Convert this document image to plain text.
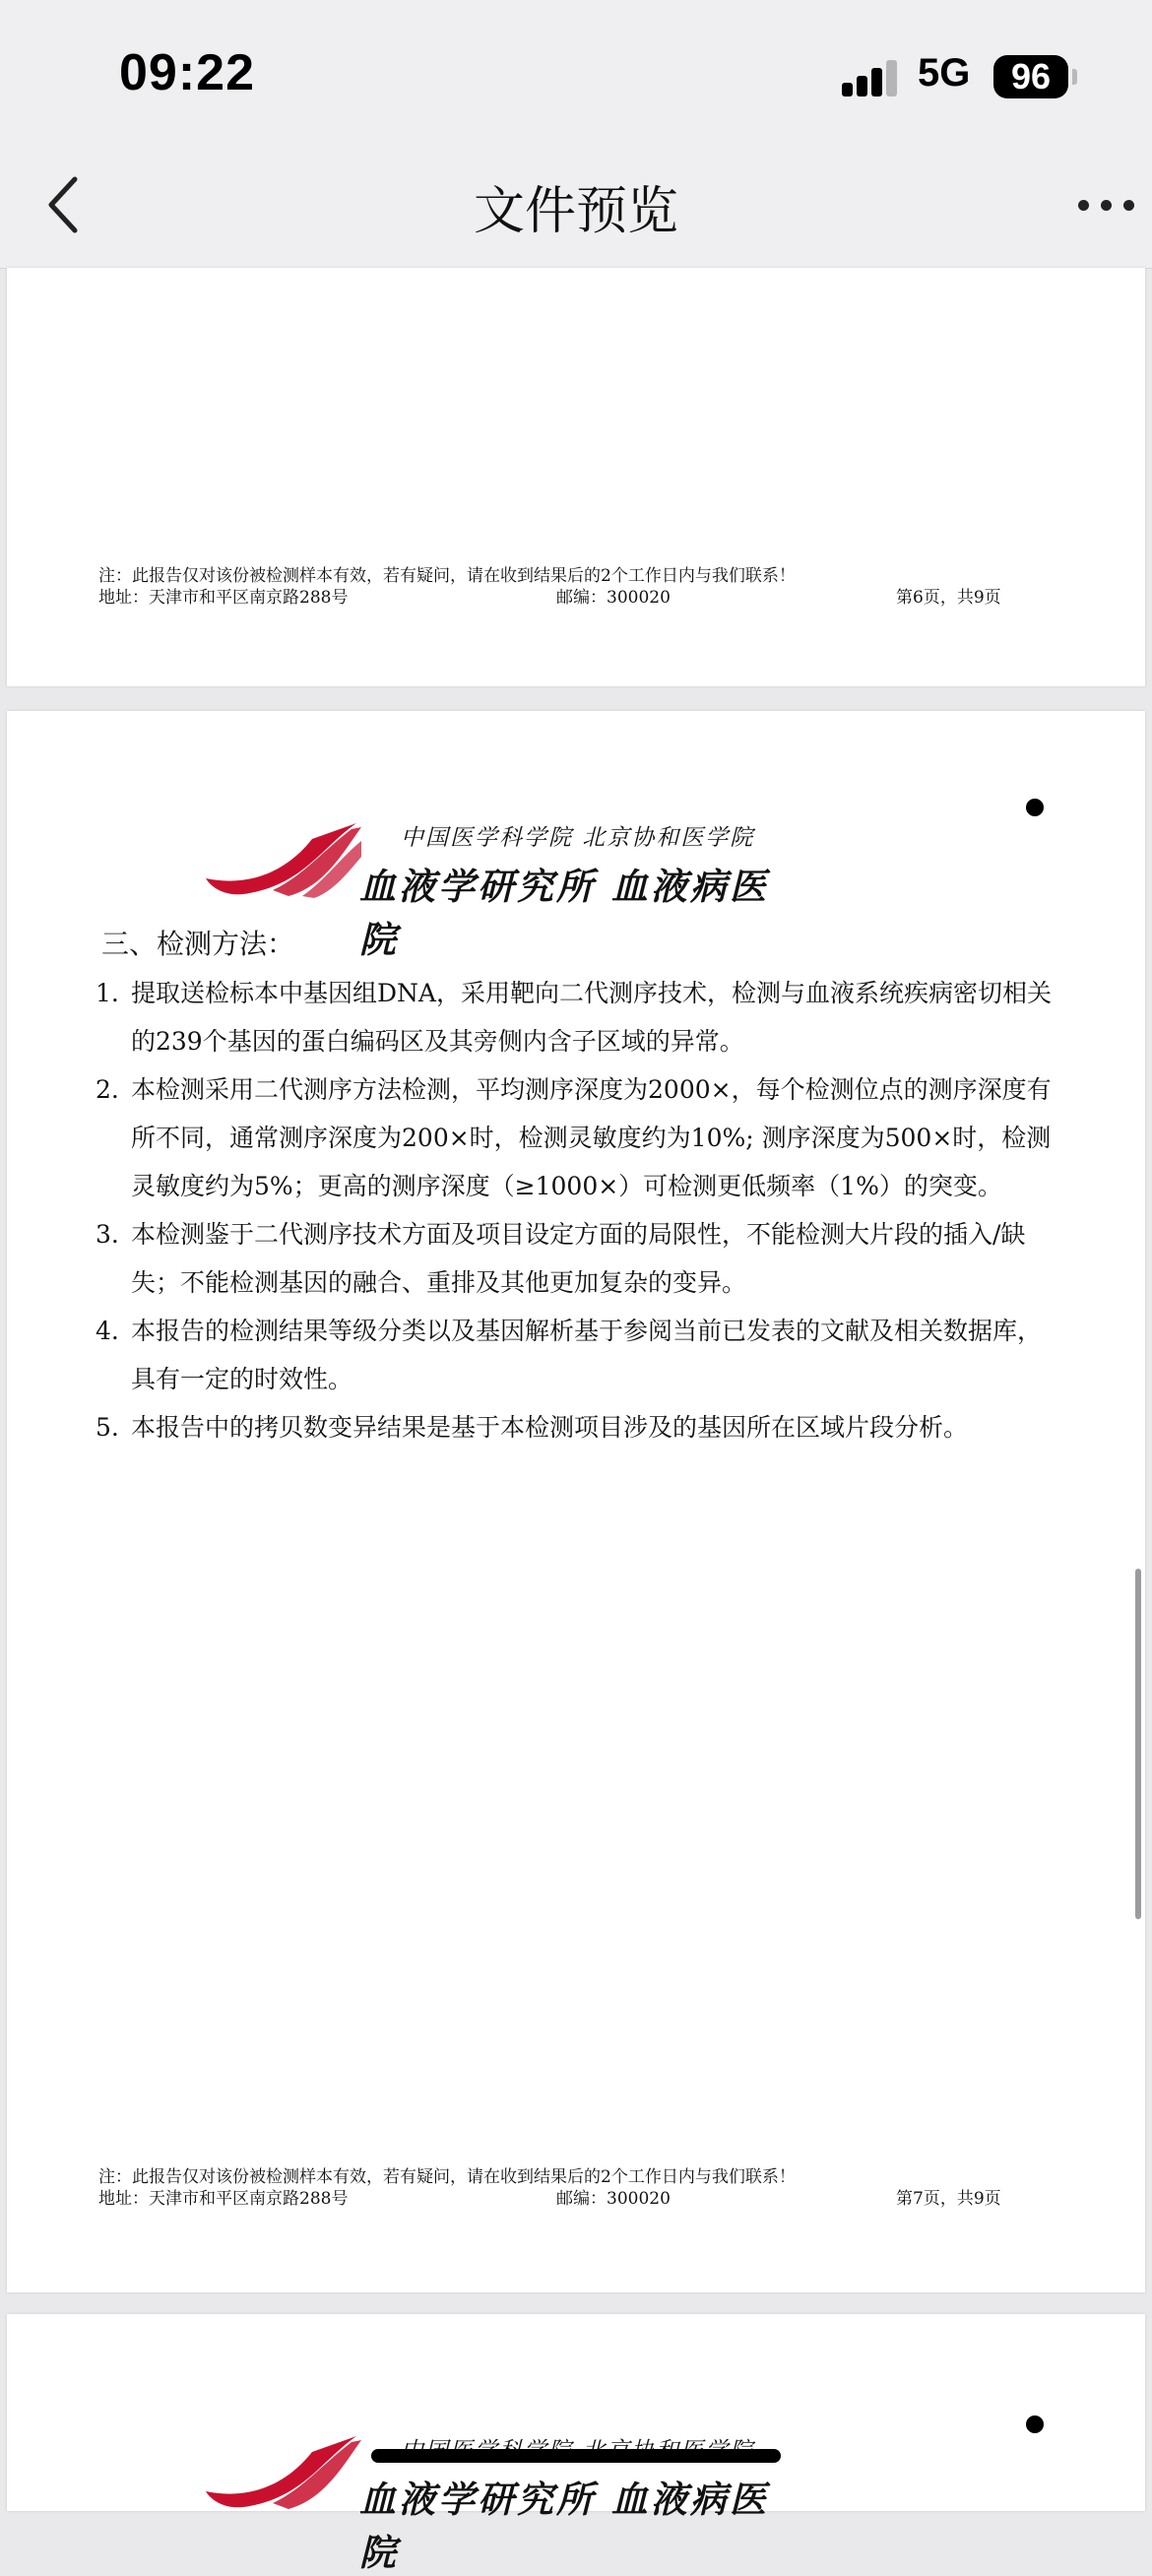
09:22	5G	96
文件预览
注：此报告仅对该份被检测样本有效，若有疑问，请在收到结果后的2个工作日内与我们联系！
地址：天津市和平区南京路288号	邮编：300020	第6页，共9页
中国医学科学院 北京协和医学院
血液学研究所 血液病医院
三、检测方法：
1. 提取送检标本中基因组DNA，采用靶向二代测序技术，检测与血液系统疾病密切相关的239个基因的蛋白编码区及其旁侧内含子区域的异常。
2. 本检测采用二代测序方法检测，平均测序深度为2000×，每个检测位点的测序深度有所不同，通常测序深度为200×时，检测灵敏度约为10%; 测序深度为500×时，检测灵敏度约为5%；更高的测序深度（≥1000×）可检测更低频率（1%）的突变。
3. 本检测鉴于二代测序技术方面及项目设定方面的局限性，不能检测大片段的插入/缺失；不能检测基因的融合、重排及其他更加复杂的变异。
4. 本报告的检测结果等级分类以及基因解析基于参阅当前已发表的文献及相关数据库，具有一定的时效性。
5. 本报告中的拷贝数变异结果是基于本检测项目涉及的基因所在区域片段分析。
注：此报告仅对该份被检测样本有效，若有疑问，请在收到结果后的2个工作日内与我们联系！
地址：天津市和平区南京路288号	邮编：300020	第7页，共9页
血液学研究所 血液病医院
